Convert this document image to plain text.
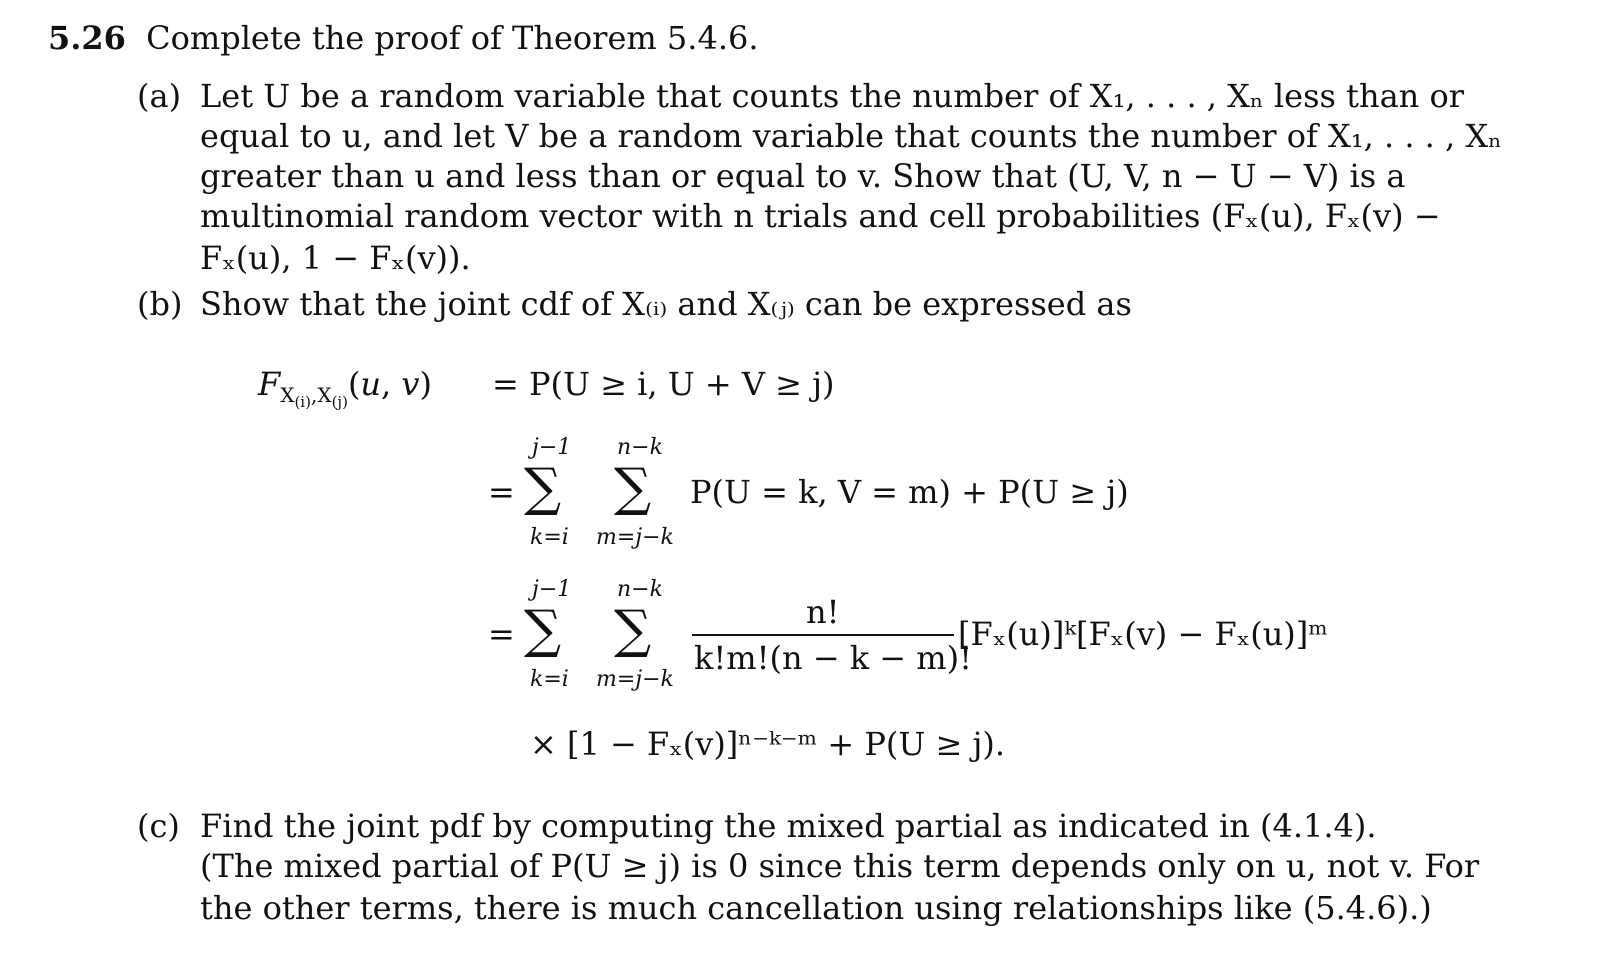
5.26 Complete the proof of Theorem 5.4.6.
(a) Let U be a random variable that counts the number of X₁, . . . , Xₙ less than or
equal to u, and let V be a random variable that counts the number of X₁, . . . , Xₙ
greater than u and less than or equal to v. Show that (U, V, n − U − V) is a
multinomial random vector with n trials and cell probabilities (Fₓ(u), Fₓ(v) −
Fₓ(u), 1 − Fₓ(v)).
(b) Show that the joint cdf of X₍ᵢ₎ and X₍ⱼ₎ can be expressed as
$F_{X_{(i)},X_{(j)}}(u$, v) = P(U ≥ i, U + V ≥ j)
=
j−1
∑
k=i
n−k
∑
m=j−k
P(U = k, V = m) + P(U ≥ j)
=
j−1
∑
k=i
n−k
∑
m=j−k
n!
k!m!(n − k − m)!
[Fₓ(u)]ᵏ[Fₓ(v) − Fₓ(u)]ᵐ
× [1 − Fₓ(v)]ⁿ⁻ᵏ⁻ᵐ + P(U ≥ j).
(c) Find the joint pdf by computing the mixed partial as indicated in (4.1.4).
(The mixed partial of P(U ≥ j) is 0 since this term depends only on u, not v. For
the other terms, there is much cancellation using relationships like (5.4.6).)
